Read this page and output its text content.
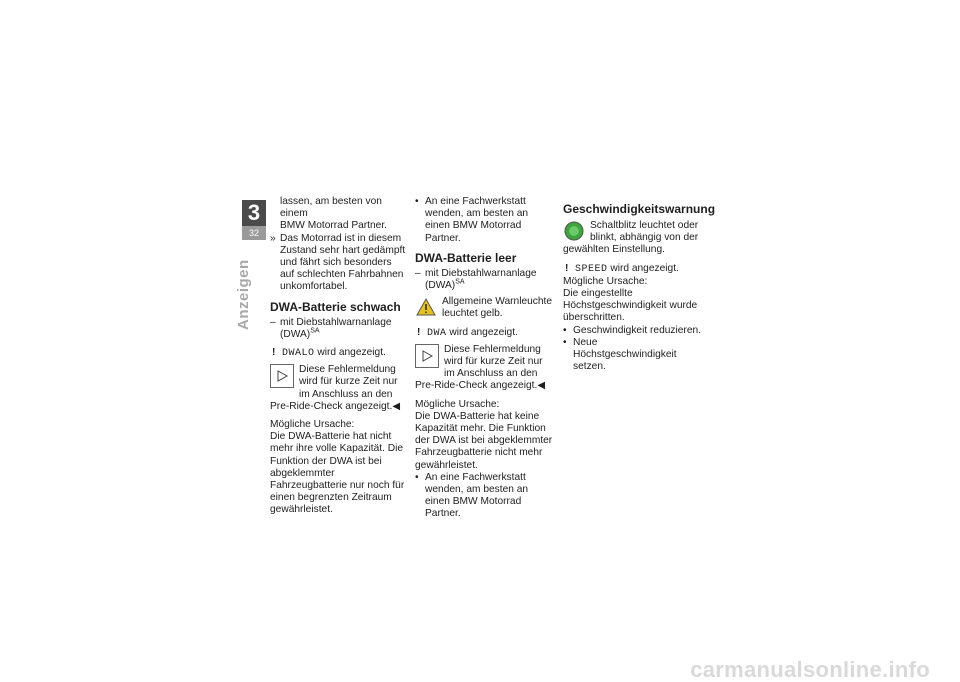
3
32
Anzeigen

lassen, am besten von einem
BMW Motorrad Partner.

» Das Motorrad ist in diesem Zustand sehr hart gedämpft und fährt sich besonders auf schlechten Fahrbahnen unkomfortabel.

DWA-Batterie schwach

– mit Diebstahlwarnanlage (DWA)$^{SA}$
! DWALO wird angezeigt.
Diese Fehlermeldung wird für kurze Zeit nur im Anschluss an den Pre-Ride-Check angezeigt.◀

Mögliche Ursache:

Die DWA-Batterie hat nicht mehr ihre volle Kapazität. Die Funktion der DWA ist bei abgeklemmter Fahrzeugbatterie nur noch für einen begrenzten Zeitraum gewährleistet.

• An eine Fachwerkstatt wenden, am besten an einen BMW Motorrad Partner.

DWA-Batterie leer

– mit Diebstahlwarnanlage (DWA)$^{SA}$
Allgemeine Warnleuchte leuchtet gelb.
! DWA wird angezeigt.
Diese Fehlermeldung wird für kurze Zeit nur im Anschluss an den Pre-Ride-Check angezeigt.◀

Mögliche Ursache:

Die DWA-Batterie hat keine Kapazität mehr. Die Funktion der DWA ist bei abgeklemmter Fahrzeugbatterie nicht mehr gewährleistet.

• An eine Fachwerkstatt wenden, am besten an einen BMW Motorrad Partner.

Geschwindigkeitswarnung

Schaltblitz leuchtet oder blinkt, abhängig von der gewählten Einstellung.
! SPEED wird angezeigt.

Mögliche Ursache:

Die eingestellte Höchstgeschwindigkeit wurde überschritten.

• Geschwindigkeit reduzieren.
• Neue Höchstgeschwindigkeit setzen.
carmanualsonline.info
